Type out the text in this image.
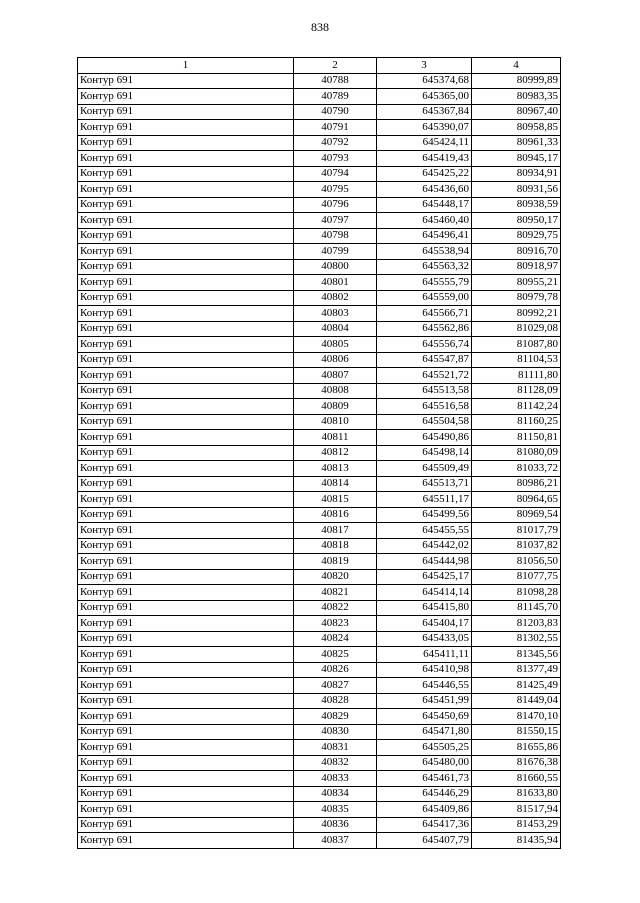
838
1	2	3	4
Контур 691	40788	645374,68	80999,89
Контур 691	40789	645365,00	80983,35
Контур 691	40790	645367,84	80967,40
Контур 691	40791	645390,07	80958,85
Контур 691	40792	645424,11	80961,33
Контур 691	40793	645419,43	80945,17
Контур 691	40794	645425,22	80934,91
Контур 691	40795	645436,60	80931,56
Контур 691	40796	645448,17	80938,59
Контур 691	40797	645460,40	80950,17
Контур 691	40798	645496,41	80929,75
Контур 691	40799	645538,94	80916,70
Контур 691	40800	645563,32	80918,97
Контур 691	40801	645555,79	80955,21
Контур 691	40802	645559,00	80979,78
Контур 691	40803	645566,71	80992,21
Контур 691	40804	645562,86	81029,08
Контур 691	40805	645556,74	81087,80
Контур 691	40806	645547,87	81104,53
Контур 691	40807	645521,72	81111,80
Контур 691	40808	645513,58	81128,09
Контур 691	40809	645516,58	81142,24
Контур 691	40810	645504,58	81160,25
Контур 691	40811	645490,86	81150,81
Контур 691	40812	645498,14	81080,09
Контур 691	40813	645509,49	81033,72
Контур 691	40814	645513,71	80986,21
Контур 691	40815	645511,17	80964,65
Контур 691	40816	645499,56	80969,54
Контур 691	40817	645455,55	81017,79
Контур 691	40818	645442,02	81037,82
Контур 691	40819	645444,98	81056,50
Контур 691	40820	645425,17	81077,75
Контур 691	40821	645414,14	81098,28
Контур 691	40822	645415,80	81145,70
Контур 691	40823	645404,17	81203,83
Контур 691	40824	645433,05	81302,55
Контур 691	40825	645411,11	81345,56
Контур 691	40826	645410,98	81377,49
Контур 691	40827	645446,55	81425,49
Контур 691	40828	645451,99	81449,04
Контур 691	40829	645450,69	81470,10
Контур 691	40830	645471,80	81550,15
Контур 691	40831	645505,25	81655,86
Контур 691	40832	645480,00	81676,38
Контур 691	40833	645461,73	81660,55
Контур 691	40834	645446,29	81633,80
Контур 691	40835	645409,86	81517,94
Контур 691	40836	645417,36	81453,29
Контур 691	40837	645407,79	81435,94
